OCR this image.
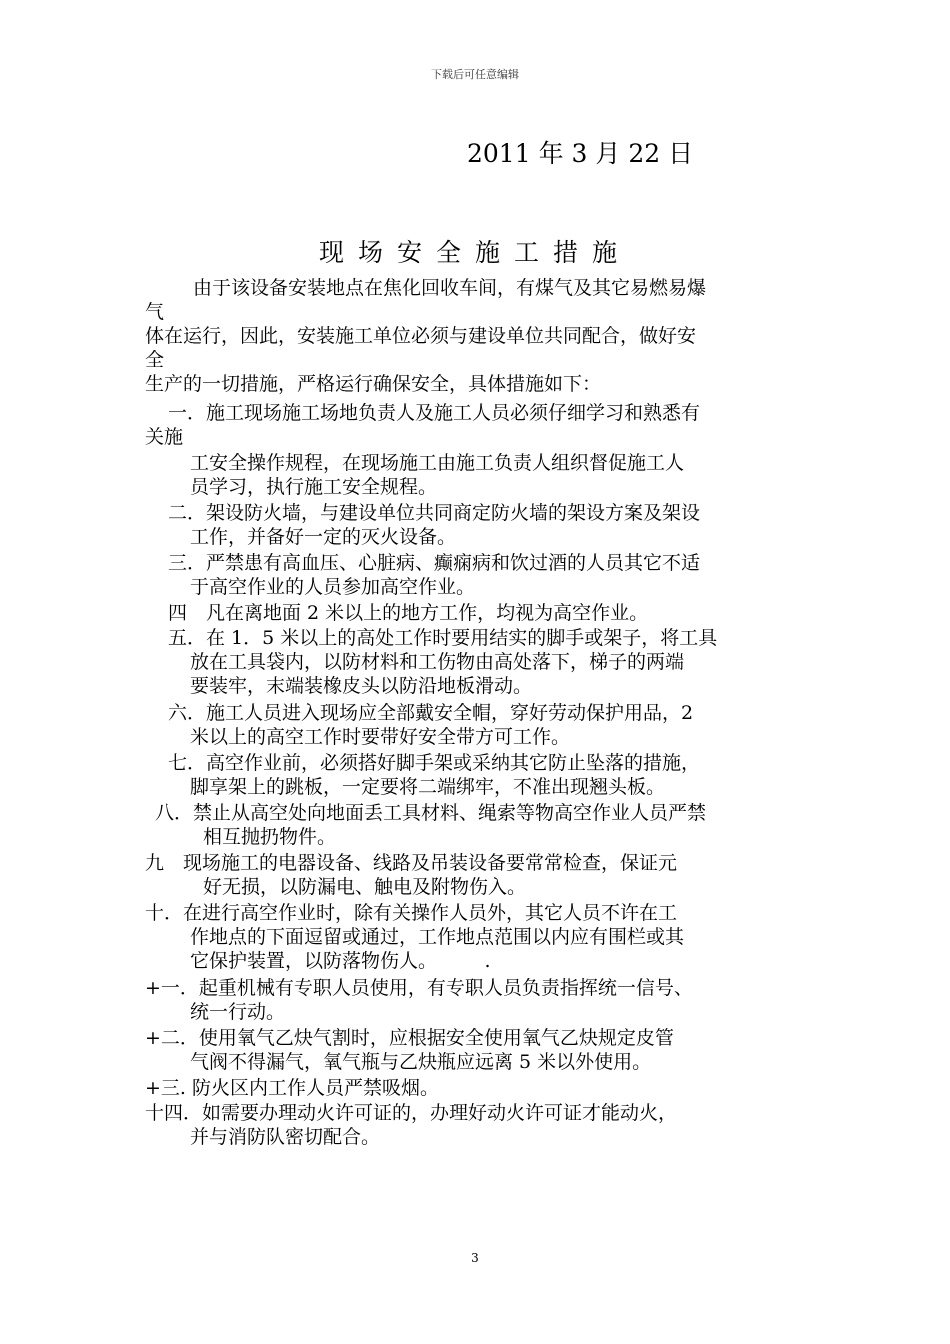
下载后可任意编辑
2011 年 3 月 22 日
现场安全施工措施
由于该设备安装地点在焦化回收车间，有煤气及其它易燃易爆
气
体在运行，因此，安装施工单位必须与建设单位共同配合，做好安
全
生产的一切措施，严格运行确保安全，具体措施如下：
一．施工现场施工场地负责人及施工人员必须仔细学习和熟悉有
关施
工安全操作规程，在现场施工由施工负责人组织督促施工人
员学习，执行施工安全规程。
二．架设防火墙，与建设单位共同商定防火墙的架设方案及架设
工作，并备好一定的灭火设备。
三．严禁患有高血压、心脏病、癫痫病和饮过酒的人员其它不适
于高空作业的人员参加高空作业。
四　凡在离地面 2 米以上的地方工作，均视为高空作业。
五．在 1．5 米以上的高处工作时要用结实的脚手或架子，将工具
放在工具袋内，以防材料和工伤物由高处落下，梯子的两端
要装牢，末端装橡皮头以防沿地板滑动。
六．施工人员进入现场应全部戴安全帽，穿好劳动保护用品，2
米以上的高空工作时要带好安全带方可工作。
七．高空作业前，必须搭好脚手架或采纳其它防止坠落的措施，
脚享架上的跳板，一定要将二端绑牢，不准出现翘头板。
八．禁止从高空处向地面丢工具材料、绳索等物高空作业人员严禁
相互抛扔物件。
九　现场施工的电器设备、线路及吊装设备要常常检查，保证元
好无损，以防漏电、触电及附物伤入。
十．在进行高空作业时，除有关操作人员外，其它人员不许在工
作地点的下面逗留或通过，工作地点范围以内应有围栏或其
它保护装置，以防落物伤人。　　　.
+一．起重机械有专职人员使用，有专职人员负责指挥统一信号、
统一行动。
+二．使用氧气乙炔气割时，应根据安全使用氧气乙炔规定皮管
气阀不得漏气，氧气瓶与乙炔瓶应远离 5 米以外使用。
+三. 防火区内工作人员严禁吸烟。
十四．如需要办理动火许可证的，办理好动火许可证才能动火，
并与消防队密切配合。
3
